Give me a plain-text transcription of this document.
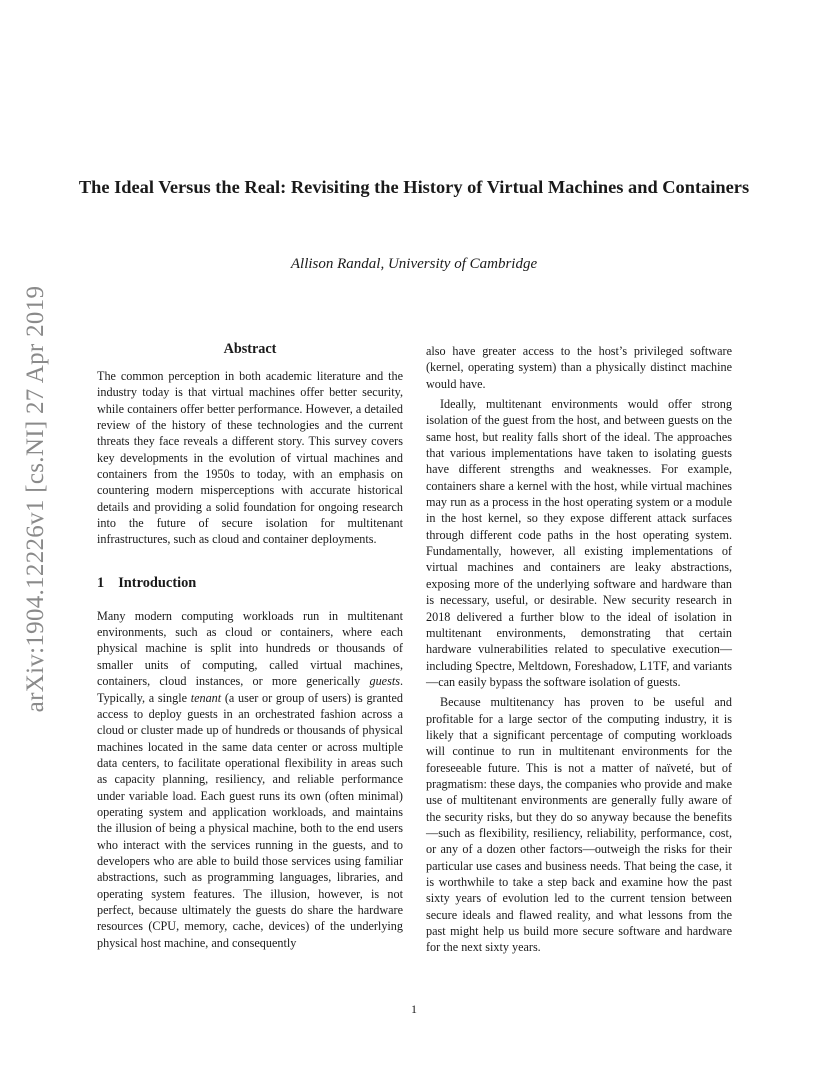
arXiv:1904.12226v1 [cs.NI] 27 Apr 2019
The Ideal Versus the Real: Revisiting the History of Virtual Machines and Containers

Allison Randal, University of Cambridge

Abstract

The common perception in both academic literature and the industry today is that virtual machines offer better security, while containers offer better performance. However, a detailed review of the history of these technologies and the current threats they face reveals a different story. This survey covers key developments in the evolution of virtual machines and containers from the 1950s to today, with an emphasis on countering modern misperceptions with accurate historical details and providing a solid foundation for ongoing research into the future of secure isolation for multitenant infrastructures, such as cloud and container deployments.

1 Introduction

Many modern computing workloads run in multitenant environments, such as cloud or containers, where each physical machine is split into hundreds or thousands of smaller units of computing, called virtual machines, containers, cloud instances, or more generically guests. Typically, a single tenant (a user or group of users) is granted access to deploy guests in an orchestrated fashion across a cloud or cluster made up of hundreds or thousands of physical machines located in the same data center or across multiple data centers, to facilitate operational flexibility in areas such as capacity planning, resiliency, and reliable performance under variable load. Each guest runs its own (often minimal) operating system and application workloads, and maintains the illusion of being a physical machine, both to the end users who interact with the services running in the guests, and to developers who are able to build those services using familiar abstractions, such as programming languages, libraries, and operating system features. The illusion, however, is not perfect, because ultimately the guests do share the hardware resources (CPU, memory, cache, devices) of the underlying physical host machine, and consequently

also have greater access to the host’s privileged software (kernel, operating system) than a physically distinct machine would have.

Ideally, multitenant environments would offer strong isolation of the guest from the host, and between guests on the same host, but reality falls short of the ideal. The approaches that various implementations have taken to isolating guests have different strengths and weaknesses. For example, containers share a kernel with the host, while virtual machines may run as a process in the host operating system or a module in the host kernel, so they expose different attack surfaces through different code paths in the host operating system. Fundamentally, however, all existing implementations of virtual machines and containers are leaky abstractions, exposing more of the underlying software and hardware than is necessary, useful, or desirable. New security research in 2018 delivered a further blow to the ideal of isolation in multitenant environments, demonstrating that certain hardware vulnerabilities related to speculative execution—including Spectre, Meltdown, Foreshadow, L1TF, and variants—can easily bypass the software isolation of guests.

Because multitenancy has proven to be useful and profitable for a large sector of the computing industry, it is likely that a significant percentage of computing workloads will continue to run in multitenant environments for the foreseeable future. This is not a matter of naïveté, but of pragmatism: these days, the companies who provide and make use of multitenant environments are generally fully aware of the security risks, but they do so anyway because the benefits—such as flexibility, resiliency, reliability, performance, cost, or any of a dozen other factors—outweigh the risks for their particular use cases and business needs. That being the case, it is worthwhile to take a step back and examine how the past sixty years of evolution led to the current tension between secure ideals and flawed reality, and what lessons from the past might help us build more secure software and hardware for the next sixty years.

1
